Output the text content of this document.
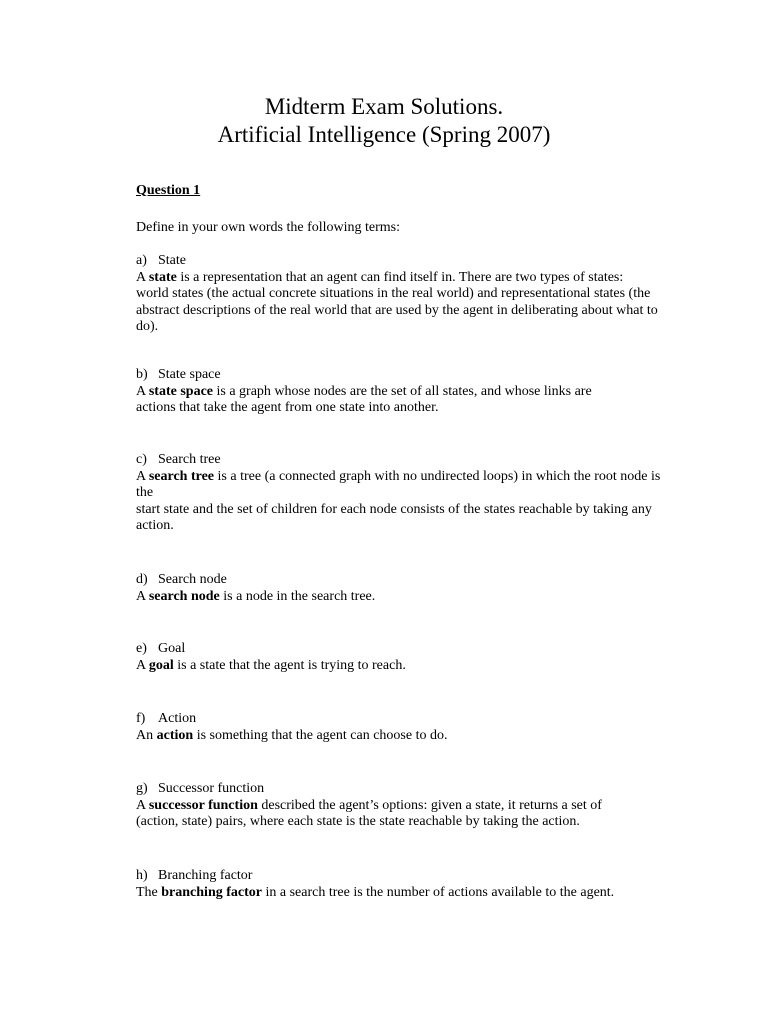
Midterm Exam Solutions.
Artificial Intelligence (Spring 2007)
Question 1
Define in your own words the following terms:
a) State
A state is a representation that an agent can find itself in. There are two types of states:
world states (the actual concrete situations in the real world) and representational states (the
abstract descriptions of the real world that are used by the agent in deliberating about what to
do).
b) State space
A state space is a graph whose nodes are the set of all states, and whose links are
actions that take the agent from one state into another.
c) Search tree
A search tree is a tree (a connected graph with no undirected loops) in which the root node is
the
start state and the set of children for each node consists of the states reachable by taking any
action.
d) Search node
A search node is a node in the search tree.
e) Goal
A goal is a state that the agent is trying to reach.
f) Action
An action is something that the agent can choose to do.
g) Successor function
A successor function described the agent’s options: given a state, it returns a set of
(action, state) pairs, where each state is the state reachable by taking the action.
h) Branching factor
The branching factor in a search tree is the number of actions available to the agent.
